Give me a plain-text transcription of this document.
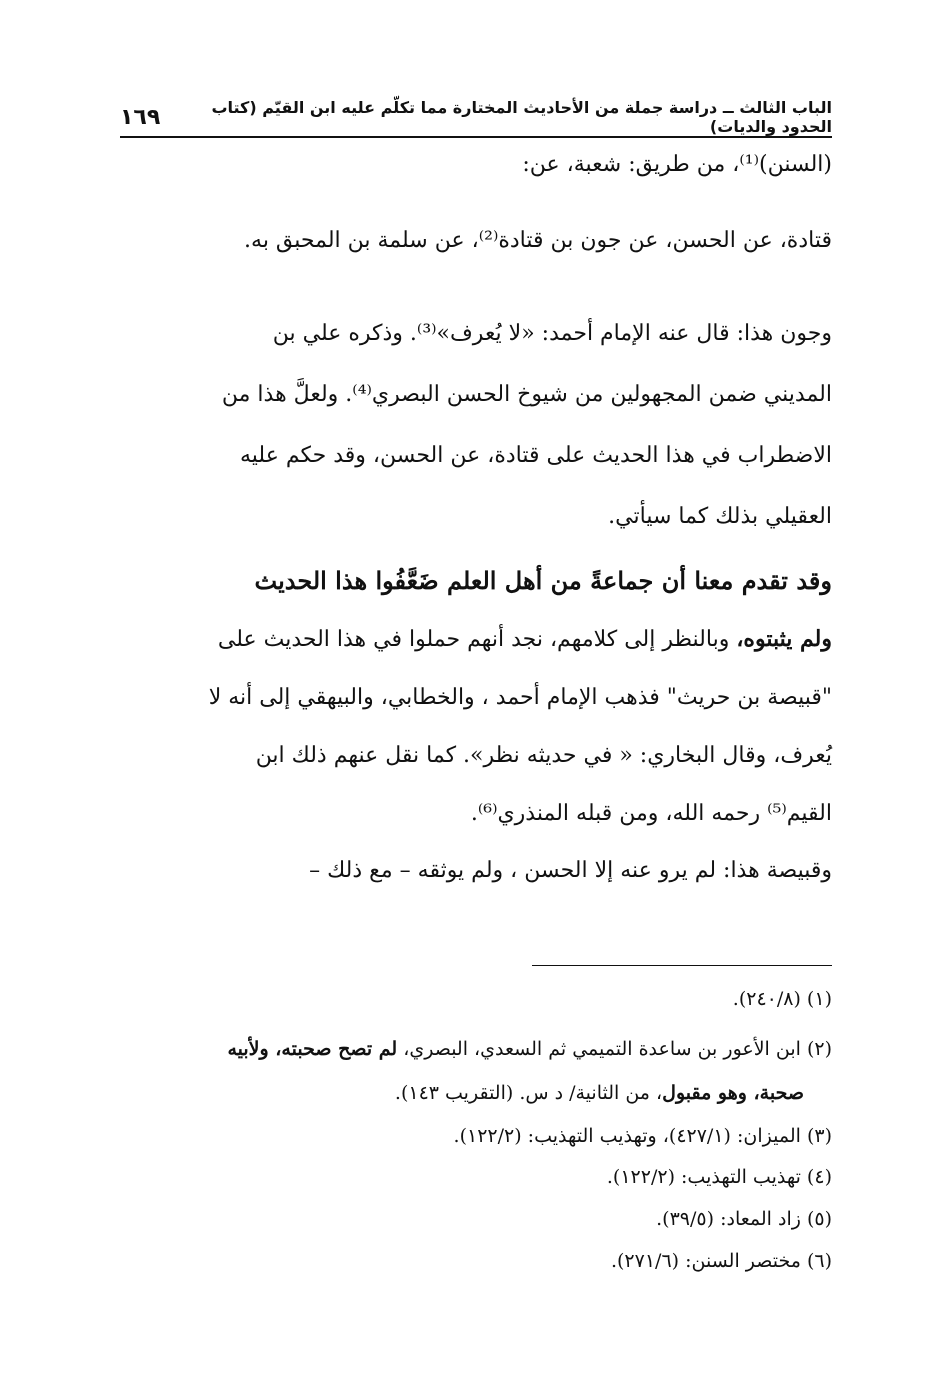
الباب الثالث ــ دراسة جملة من الأحاديث المختارة مما تكلّم عليه ابن القيّم (كتاب الحدود والديات)
١٦٩

(السنن)⁽¹⁾، من طريق: شعبة، عن:

قتادة، عن الحسن، عن جون بن قتادة⁽²⁾، عن سلمة بن المحبق به.

وجون هذا: قال عنه الإمام أحمد: «لا يُعرف»⁽³⁾. وذكره علي بن
المديني ضمن المجهولين من شيوخ الحسن البصري⁽⁴⁾. ولعلَّ هذا من
الاضطراب في هذا الحديث على قتادة، عن الحسن، وقد حكم عليه
العقيلي بذلك كما سيأتي.

وقد تقدم معنا أن جماعةً من أهل العلم ضَعَّفُوا هذا الحديث
ولم يثبتوه، وبالنظر إلى كلامهم، نجد أنهم حملوا في هذا الحديث على
"قبيصة بن حريث" فذهب الإمام أحمد ، والخطابي، والبيهقي إلى أنه لا
يُعرف، وقال البخاري: « في حديثه نظر». كما نقل عنهم ذلك ابن
القيم⁽⁵⁾ رحمه الله، ومن قبله المنذري⁽⁶⁾.

وقبيصة هذا: لم يرو عنه إلا الحسن ، ولم يوثقه – مع ذلك –

(١) (٢٤٠/٨).
(٢) ابن الأعور بن ساعدة التميمي ثم السعدي، البصري، لم تصح صحبته، ولأبيه
صحبة، وهو مقبول، من الثانية/ د س. (التقريب ١٤٣).
(٣) الميزان: (٤٢٧/١)، وتهذيب التهذيب: (١٢٢/٢).
(٤) تهذيب التهذيب: (١٢٢/٢).
(٥) زاد المعاد: (٣٩/٥).
(٦) مختصر السنن: (٢٧١/٦).
